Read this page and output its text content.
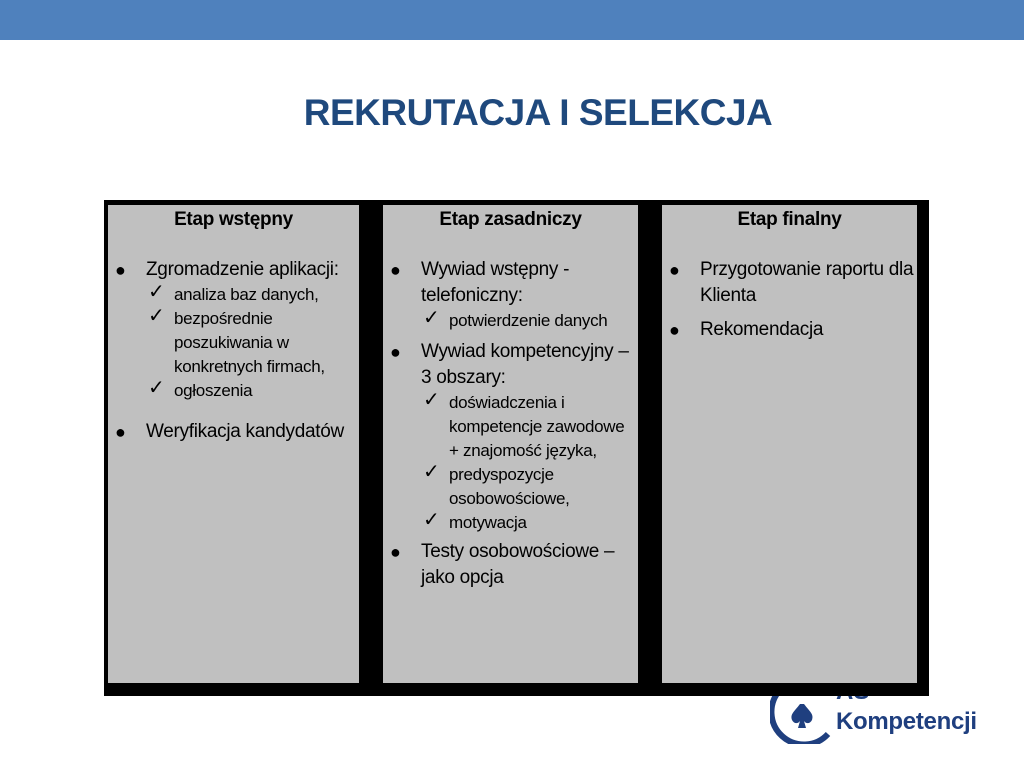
REKRUTACJA I SELEKCJA
Kompetencji
Etap wstępny
● Zgromadzenie aplikacji:
✓ analiza baz danych,
✓ bezpośrednie poszukiwania w konkretnych firmach,
✓ ogłoszenia
● Weryfikacja kandydatów
Etap zasadniczy
● Wywiad wstępny - telefoniczny:
✓ potwierdzenie danych
● Wywiad kompetencyjny – 3 obszary:
✓ doświadczenia i kompetencje zawodowe + znajomość języka,
✓ predyspozycje osobowościowe,
✓ motywacja
● Testy osobowościowe – jako opcja
Etap finalny
● Przygotowanie raportu dla Klienta
● Rekomendacja
